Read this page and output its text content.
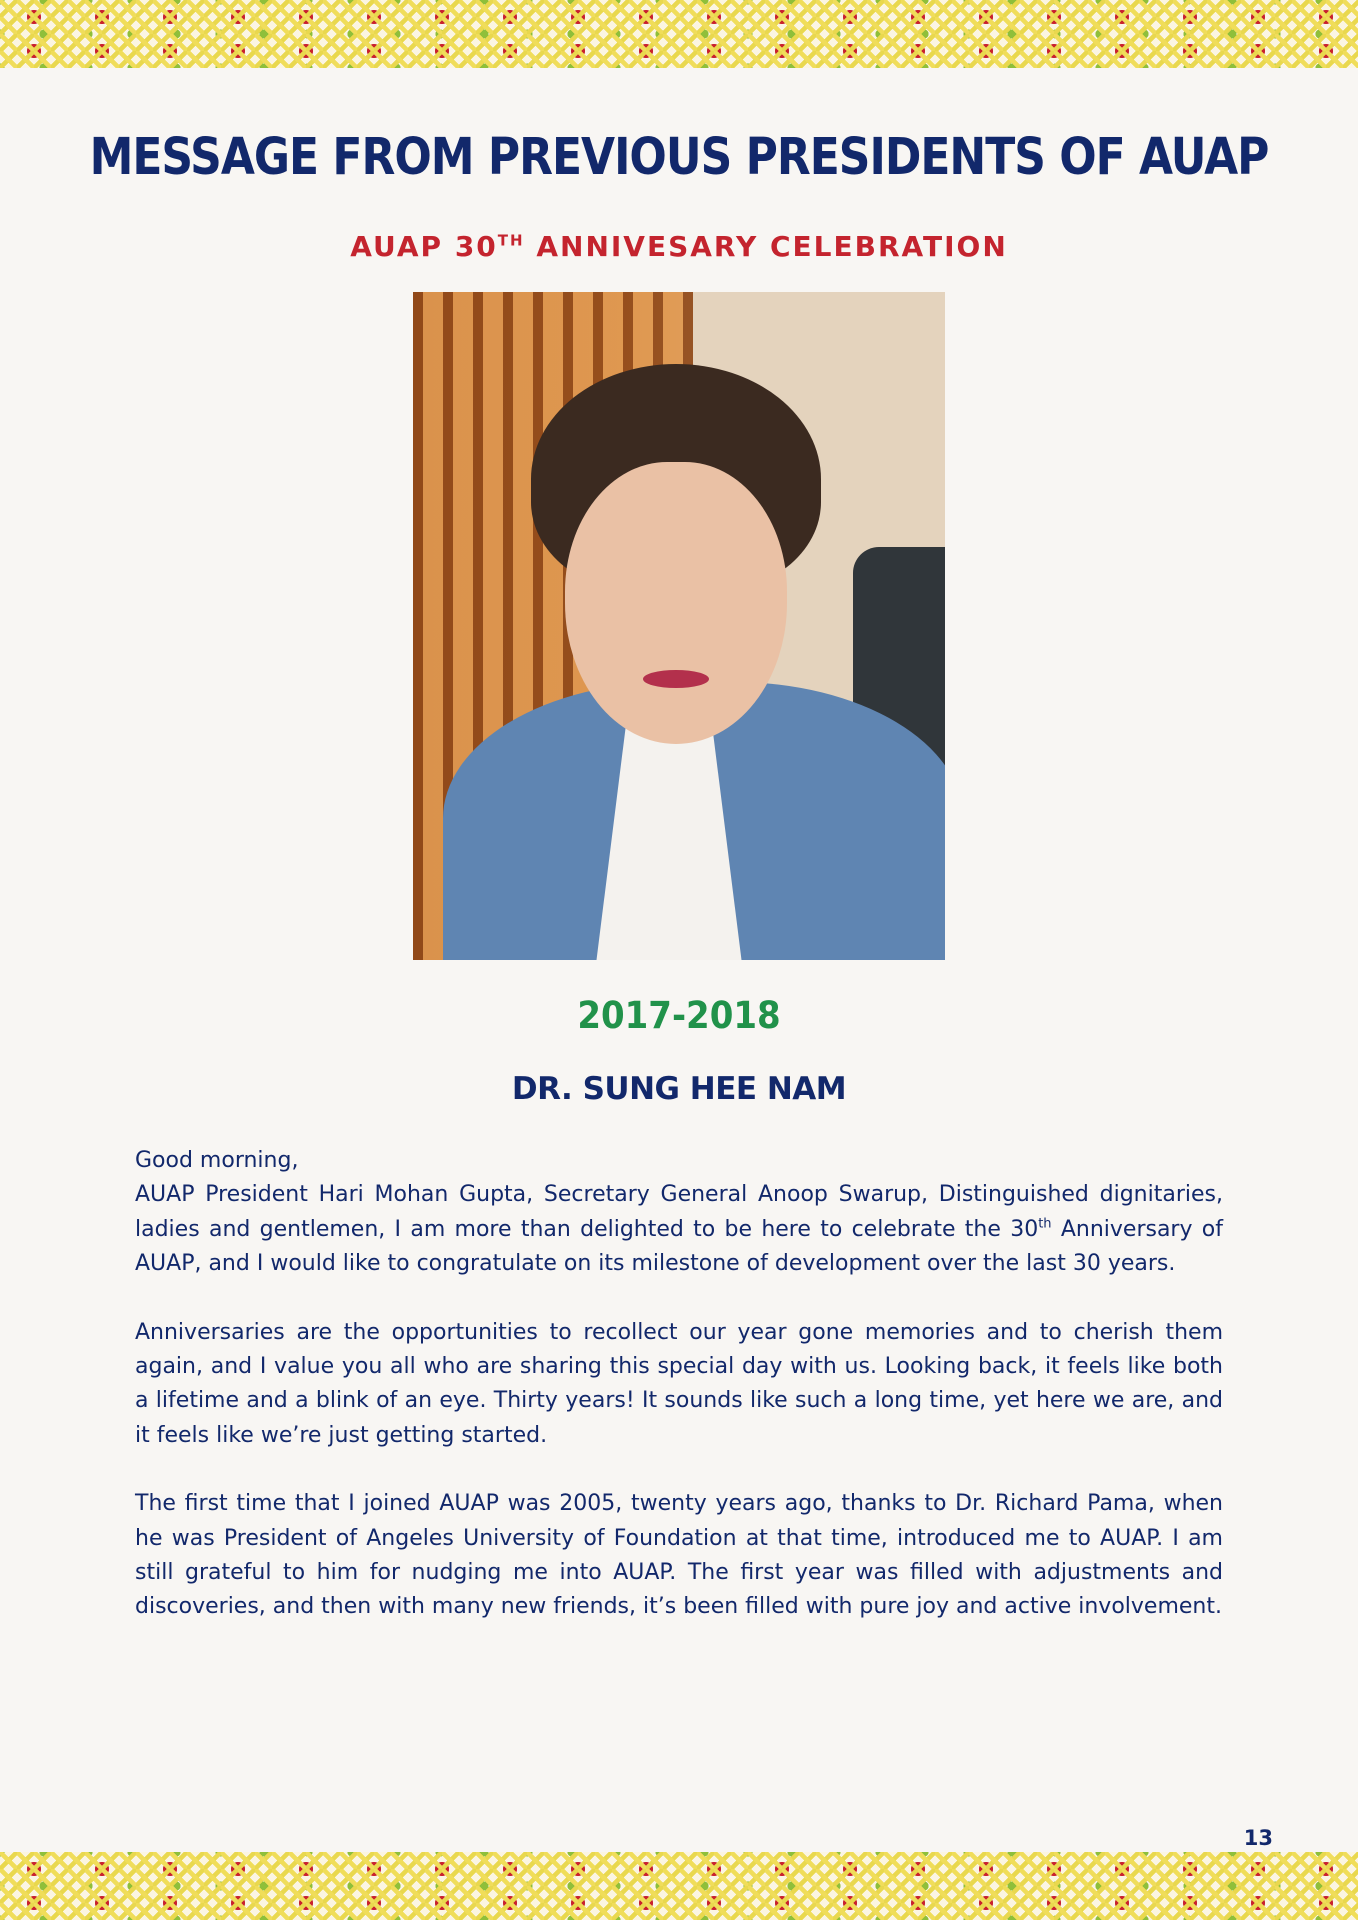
MESSAGE FROM PREVIOUS PRESIDENTS OF AUAP
AUAP 30TH ANNIVESARY CELEBRATION
2017-2018
DR. SUNG HEE NAM

Good morning,

AUAP President Hari Mohan Gupta, Secretary General Anoop Swarup, Distinguished dignitaries, ladies and gentlemen, I am more than delighted to be here to celebrate the 30th Anniversary of AUAP, and I would like to congratulate on its milestone of development over the last 30 years.

Anniversaries are the opportunities to recollect our year gone memories and to cherish them again, and I value you all who are sharing this special day with us. Looking back, it feels like both a lifetime and a blink of an eye. Thirty years! It sounds like such a long time, yet here we are, and it feels like we’re just getting started.

The first time that I joined AUAP was 2005, twenty years ago, thanks to Dr. Richard Pama, when he was President of Angeles University of Foundation at that time, introduced me to AUAP. I am still grateful to him for nudging me into AUAP. The first year was filled with adjustments and discoveries, and then with many new friends, it’s been filled with pure joy and active involvement.

13
